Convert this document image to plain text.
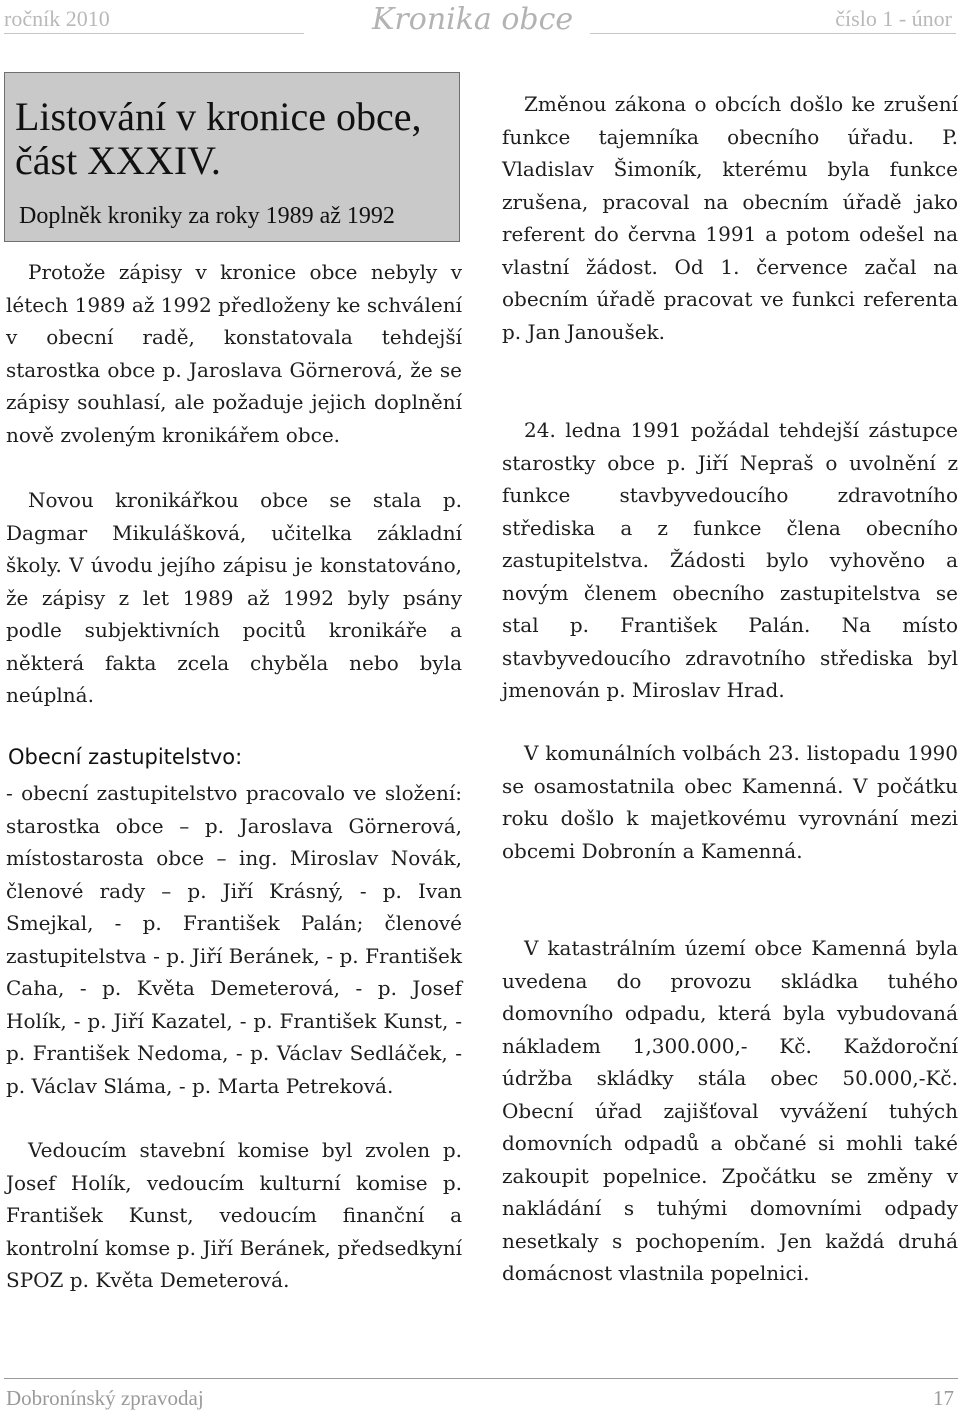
ročník 2010	Kronika obce	číslo 1 - únor
Listování v kronice obce, část XXXIV.
Doplněk kroniky za roky 1989 až 1992

Protože zápisy v kronice obce nebyly v létech 1989 až 1992 předloženy ke schválení v obecní radě, konstatovala tehdejší starostka obce p. Jaroslava Görnerová, že se zápisy souhlasí, ale požaduje jejich doplnění nově zvoleným kronikářem obce.

Novou kronikářkou obce se stala p. Dagmar Mikulášková, učitelka základní školy. V úvodu jejího zápisu je konstatováno, že zápisy z let 1989 až 1992 byly psány podle subjektivních pocitů kronikáře a některá fakta zcela chyběla nebo byla neúplná.

Obecní zastupitelstvo:

- obecní zastupitelstvo pracovalo ve složení: starostka obce – p. Jaroslava Görnerová, místostarosta obce – ing. Miroslav Novák, členové rady – p. Jiří Krásný, - p. Ivan Smejkal, - p. František Palán; členové zastupitelstva - p. Jiří Beránek, - p. František Caha, - p. Květa Demeterová, - p. Josef Holík, - p. Jiří Kazatel, - p. František Kunst, - p. František Nedoma, - p. Václav Sedláček, - p. Václav Sláma, - p. Marta Petreková.

Vedoucím stavební komise byl zvolen p. Josef Holík, vedoucím kulturní komise p. František Kunst, vedoucím finanční a kontrolní komse p. Jiří Beránek, předsedkyní SPOZ p. Květa Demeterová.

Změnou zákona o obcích došlo ke zrušení funkce tajemníka obecního úřadu. P. Vladislav Šimoník, kterému byla funkce zrušena, pracoval na obecním úřadě jako referent do června 1991 a potom odešel na vlastní žádost. Od 1. července začal na obecním úřadě pracovat ve funkci referenta p. Jan Janoušek.

24. ledna 1991 požádal tehdejší zástupce starostky obce p. Jiří Nepraš o uvolnění z funkce stavbyvedoucího zdravotního střediska a z funkce člena obecního zastupitelstva. Žádosti bylo vyhověno a novým členem obecního zastupitelstva se stal p. František Palán. Na místo stavbyvedoucího zdravotního střediska byl jmenován p. Miroslav Hrad.

V komunálních volbách 23. listopadu 1990 se osamostatnila obec Kamenná. V počátku roku došlo k majetkovému vyrovnání mezi obcemi Dobronín a Kamenná.

V katastrálním území obce Kamenná byla uvedena do provozu skládka tuhého domovního odpadu, která byla vybudovaná nákladem 1,300.000,- Kč. Každoroční údržba skládky stála obec 50.000,-Kč. Obecní úřad zajišťoval vyvážení tuhých domovních odpadů a občané si mohli také zakoupit popelnice. Zpočátku se změny v nakládání s tuhými domovními odpady nesetkaly s pochopením. Jen každá druhá domácnost vlastnila popelnici.

Dobronínský zpravodaj	17
